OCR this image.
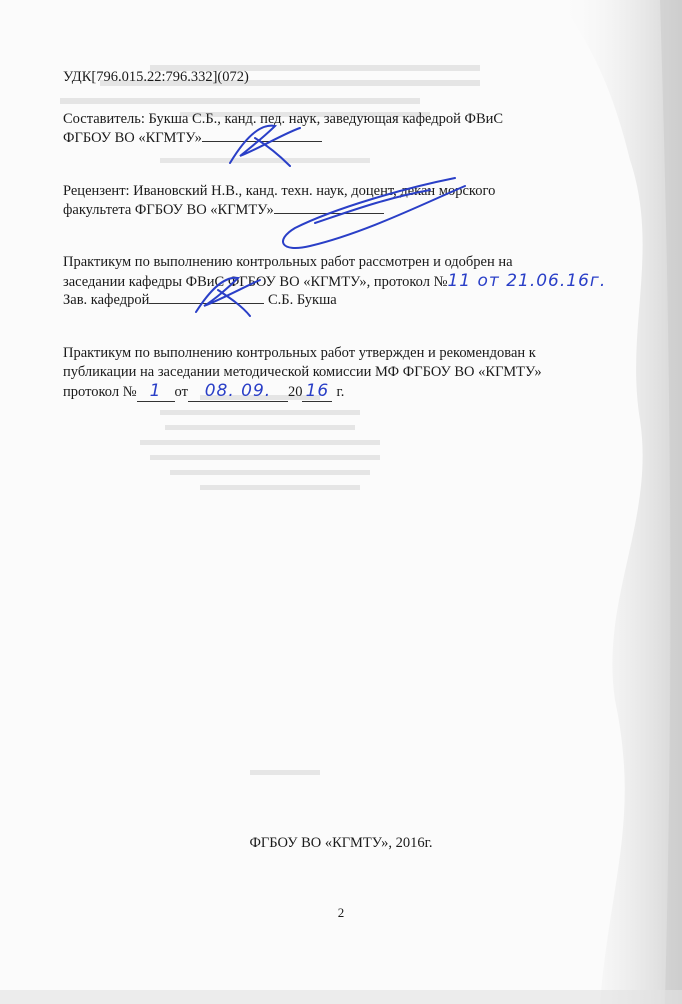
УДК[796.015.22:796.332](072)
Составитель: Букша С.Б., канд. пед. наук, заведующая кафедрой ФВиС
ФГБОУ ВО «КГМТУ»
Рецензент: Ивановский Н.В., канд. техн. наук, доцент, декан морского
факультета ФГБОУ ВО «КГМТУ»
Практикум по выполнению контрольных работ рассмотрен и одобрен на
заседании кафедры ФВиС ФГБОУ ВО «КГМТУ», протокол №11 от 21.06.16г.
Зав. кафедрой	С.Б. Букша
Практикум по выполнению контрольных работ утвержден и рекомендован к
публикации на заседании методической комиссии МФ ФГБОУ ВО «КГМТУ»
протокол № 1 от 08. 09. 20 16 г.
ФГБОУ ВО «КГМТУ», 2016г.
2
